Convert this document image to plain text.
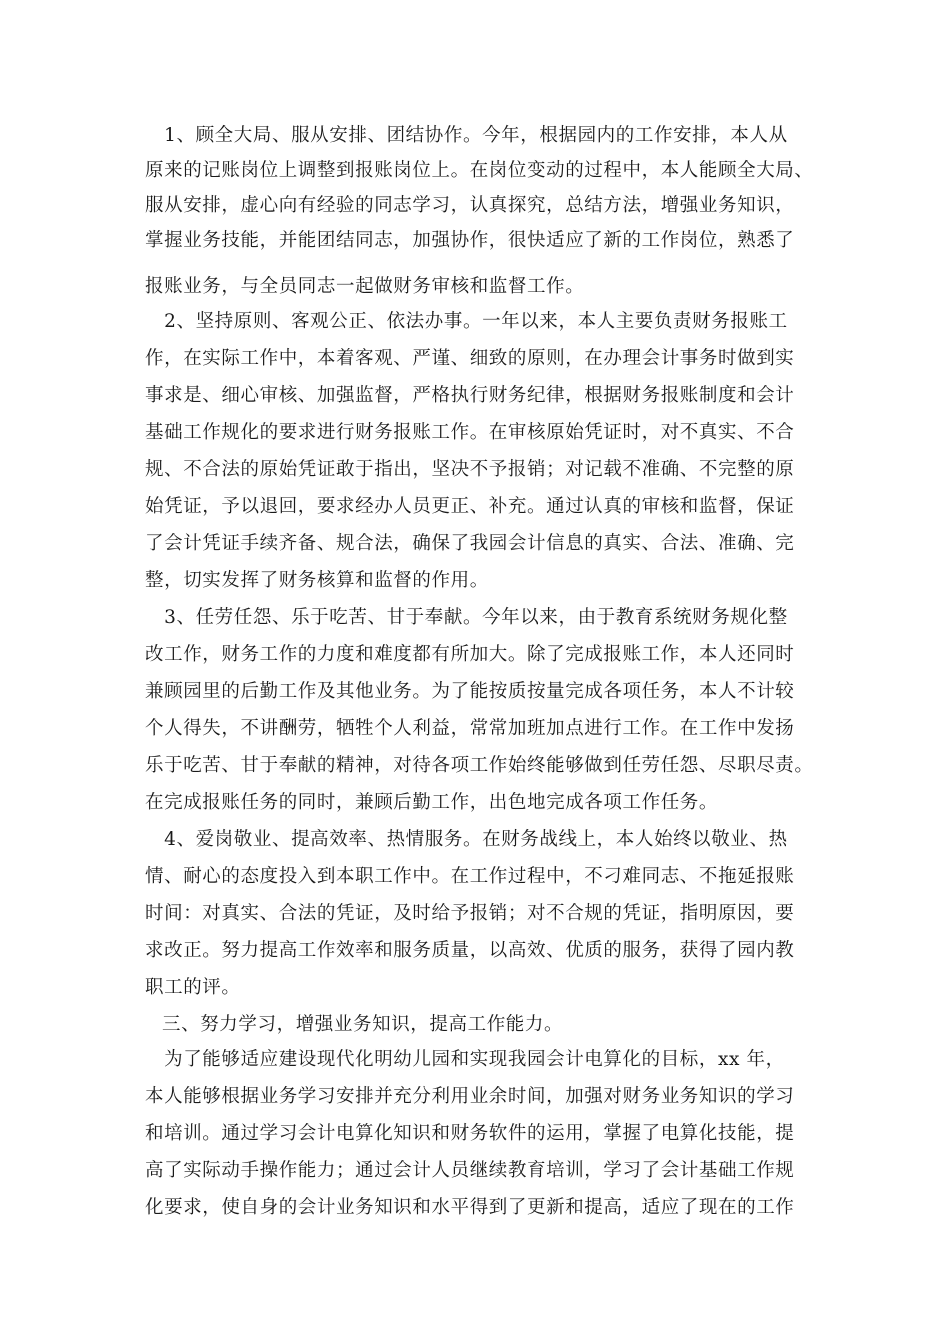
　1、顾全大局、服从安排、团结协作。今年，根据园内的工作安排，本人从
原来的记账岗位上调整到报账岗位上。在岗位变动的过程中，本人能顾全大局、
服从安排，虚心向有经验的同志学习，认真探究，总结方法，增强业务知识，
掌握业务技能，并能团结同志，加强协作，很快适应了新的工作岗位，熟悉了
报账业务，与全员同志一起做财务审核和监督工作。
　2、坚持原则、客观公正、依法办事。一年以来，本人主要负责财务报账工
作，在实际工作中，本着客观、严谨、细致的原则，在办理会计事务时做到实
事求是、细心审核、加强监督，严格执行财务纪律，根据财务报账制度和会计
基础工作规化的要求进行财务报账工作。在审核原始凭证时，对不真实、不合
规、不合法的原始凭证敢于指出，坚决不予报销；对记载不准确、不完整的原
始凭证，予以退回，要求经办人员更正、补充。通过认真的审核和监督，保证
了会计凭证手续齐备、规合法，确保了我园会计信息的真实、合法、准确、完
整，切实发挥了财务核算和监督的作用。
　3、任劳任怨、乐于吃苦、甘于奉献。今年以来，由于教育系统财务规化整
改工作，财务工作的力度和难度都有所加大。除了完成报账工作，本人还同时
兼顾园里的后勤工作及其他业务。为了能按质按量完成各项任务，本人不计较
个人得失，不讲酬劳，牺牲个人利益，常常加班加点进行工作。在工作中发扬
乐于吃苦、甘于奉献的精神，对待各项工作始终能够做到任劳任怨、尽职尽责。
在完成报账任务的同时，兼顾后勤工作，出色地完成各项工作任务。
　4、爱岗敬业、提高效率、热情服务。在财务战线上，本人始终以敬业、热
情、耐心的态度投入到本职工作中。在工作过程中，不刁难同志、不拖延报账
时间：对真实、合法的凭证，及时给予报销；对不合规的凭证，指明原因，要
求改正。努力提高工作效率和服务质量，以高效、优质的服务，获得了园内教
职工的评。
三、努力学习，增强业务知识，提高工作能力。
　为了能够适应建设现代化明幼儿园和实现我园会计电算化的目标，xx 年，
本人能够根据业务学习安排并充分利用业余时间，加强对财务业务知识的学习
和培训。通过学习会计电算化知识和财务软件的运用，掌握了电算化技能，提
高了实际动手操作能力；通过会计人员继续教育培训，学习了会计基础工作规
化要求，使自身的会计业务知识和水平得到了更新和提高，适应了现在的工作
